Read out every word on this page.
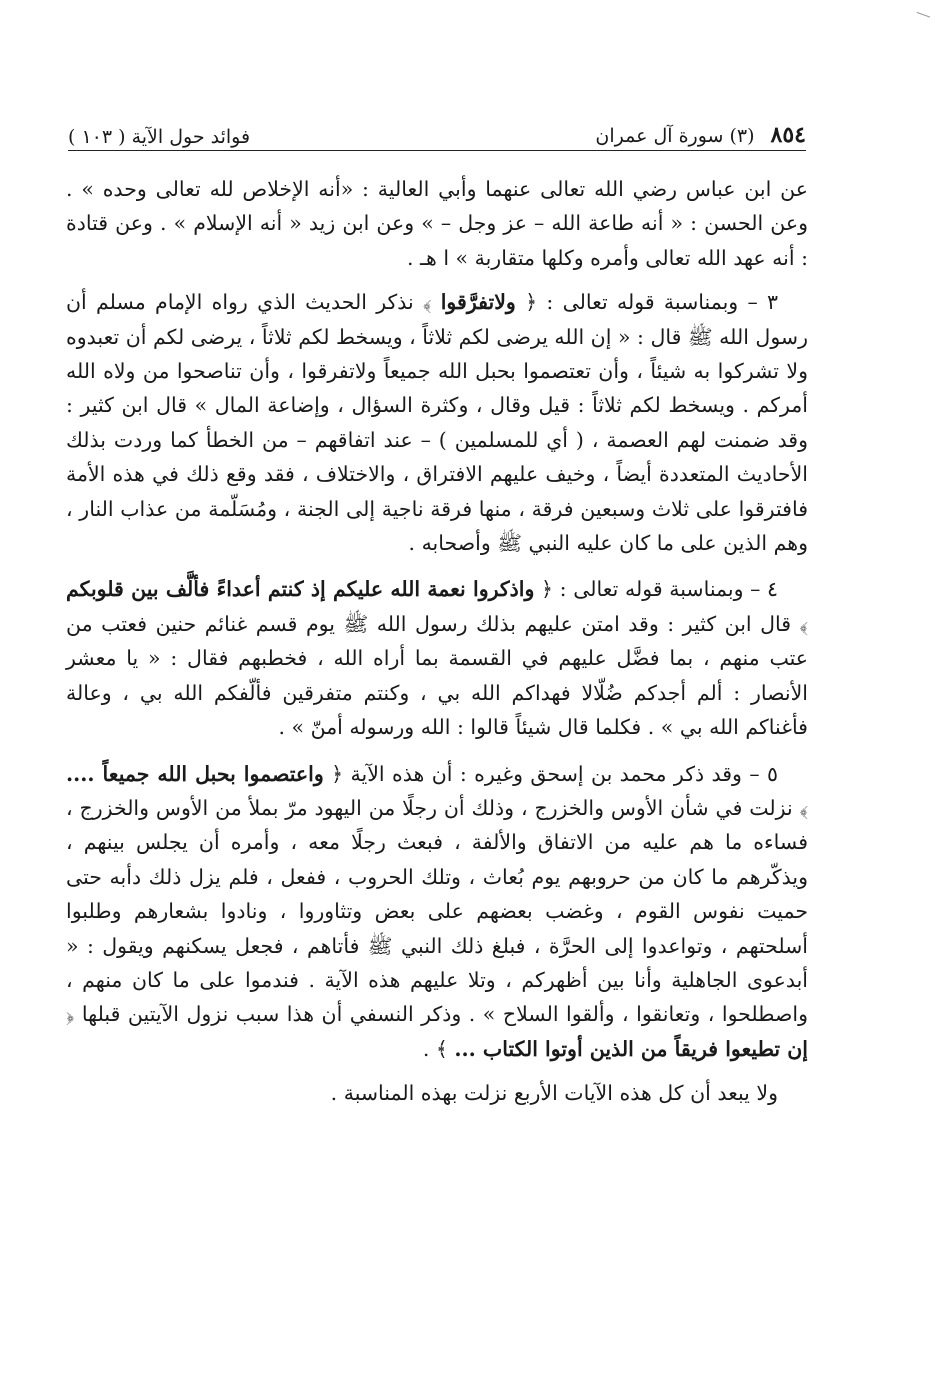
٨٥٤
(٣) سورة آل عمران
فوائد حول الآية ( ١٠٣ )

عن ابن عباس رضي الله تعالى عنهما وأبي العالية : «أنه الإخلاص لله تعالى وحده » . وعن الحسن : « أنه طاعة الله – عز وجل – » وعن ابن زيد « أنه الإسلام » . وعن قتادة : أنه عهد الله تعالى وأمره وكلها متقاربة » ا هـ .

٣ – وبمناسبة قوله تعالى : ﴿ ولاتفرَّقوا ﴾ نذكر الحديث الذي رواه الإمام مسلم أن رسول الله ﷺ قال : « إن الله يرضى لكم ثلاثاً ، ويسخط لكم ثلاثاً ، يرضى لكم أن تعبدوه ولا تشركوا به شيئاً ، وأن تعتصموا بحبل الله جميعاً ولاتفرقوا ، وأن تناصحوا من ولاه الله أمركم . ويسخط لكم ثلاثاً : قيل وقال ، وكثرة السؤال ، وإضاعة المال » قال ابن كثير : وقد ضمنت لهم العصمة ، ( أي للمسلمين ) – عند اتفاقهم – من الخطأ كما وردت بذلك الأحاديث المتعددة أيضاً ، وخيف عليهم الافتراق ، والاختلاف ، فقد وقع ذلك في هذه الأمة فافترقوا على ثلاث وسبعين فرقة ، منها فرقة ناجية إلى الجنة ، ومُسَلّمة من عذاب النار ، وهم الذين على ما كان عليه النبي ﷺ وأصحابه .

٤ – وبمناسبة قوله تعالى : ﴿ واذكروا نعمة الله عليكم إذ كنتم أعداءً فألَّف بين قلوبكم ﴾ قال ابن كثير : وقد امتن عليهم بذلك رسول الله ﷺ يوم قسم غنائم حنين فعتب من عتب منهم ، بما فضَّل عليهم في القسمة بما أراه الله ، فخطبهم فقال : « يا معشر الأنصار : ألم أجدكم ضُلّالا فهداكم الله بي ، وكنتم متفرقين فألّفكم الله بي ، وعالة فأغناكم الله بي » . فكلما قال شيئاً قالوا : الله ورسوله أمنّ » .

٥ – وقد ذكر محمد بن إسحق وغيره : أن هذه الآية ﴿ واعتصموا بحبل الله جميعاً .... ﴾ نزلت في شأن الأوس والخزرج ، وذلك أن رجلًا من اليهود مرّ بملأ من الأوس والخزرج ، فساءه ما هم عليه من الاتفاق والألفة ، فبعث رجلًا معه ، وأمره أن يجلس بينهم ، ويذكّرهم ما كان من حروبهم يوم بُعاث ، وتلك الحروب ، ففعل ، فلم يزل ذلك دأبه حتى حميت نفوس القوم ، وغضب بعضهم على بعض وتثاوروا ، ونادوا بشعارهم وطلبوا أسلحتهم ، وتواعدوا إلى الحرَّة ، فبلغ ذلك النبي ﷺ فأتاهم ، فجعل يسكنهم ويقول : « أبدعوى الجاهلية وأنا بين أظهركم ، وتلا عليهم هذه الآية . فندموا على ما كان منهم ، واصطلحوا ، وتعانقوا ، وألقوا السلاح » . وذكر النسفي أن هذا سبب نزول الآيتين قبلها ﴿ إن تطيعوا فريقاً من الذين أوتوا الكتاب ... ﴾ .

ولا يبعد أن كل هذه الآيات الأربع نزلت بهذه المناسبة .
